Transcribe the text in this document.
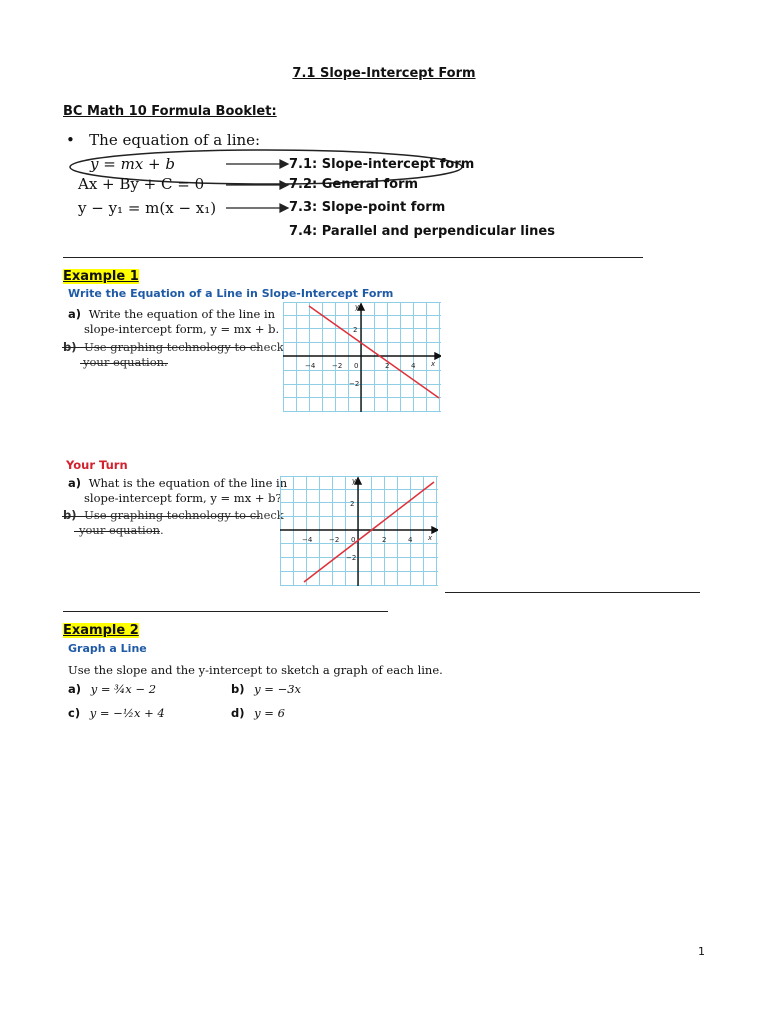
7.1 Slope-Intercept Form
BC Math 10 Formula Booklet:
• The equation of a line:
y = mx + b
Ax + By + C = 0
y − y₁ = m(x − x₁)
7.1: Slope-intercept form
7.2: General form
7.3: Slope-point form
7.4: Parallel and perpendicular lines
Example 1
Write the Equation of a Line in Slope-Intercept Form
a) Write the equation of the line in
slope-intercept form, y = mx + b.
b) Use graphing technology to check
your equation.	−4 −2 0	2	4
2
−2
x
y
Your Turn
a) What is the equation of the line in
slope-intercept form, y = mx + b?
b) Use graphing technology to check
your equation.
−4 −2 0	2	4
2
−2
x
y
Example 2
Graph a Line
Use the slope and the y-intercept to sketch a graph of each line.
a) y = ¾x − 2	b) y = −3x
c) y = −½x + 4	d) y = 6
1
